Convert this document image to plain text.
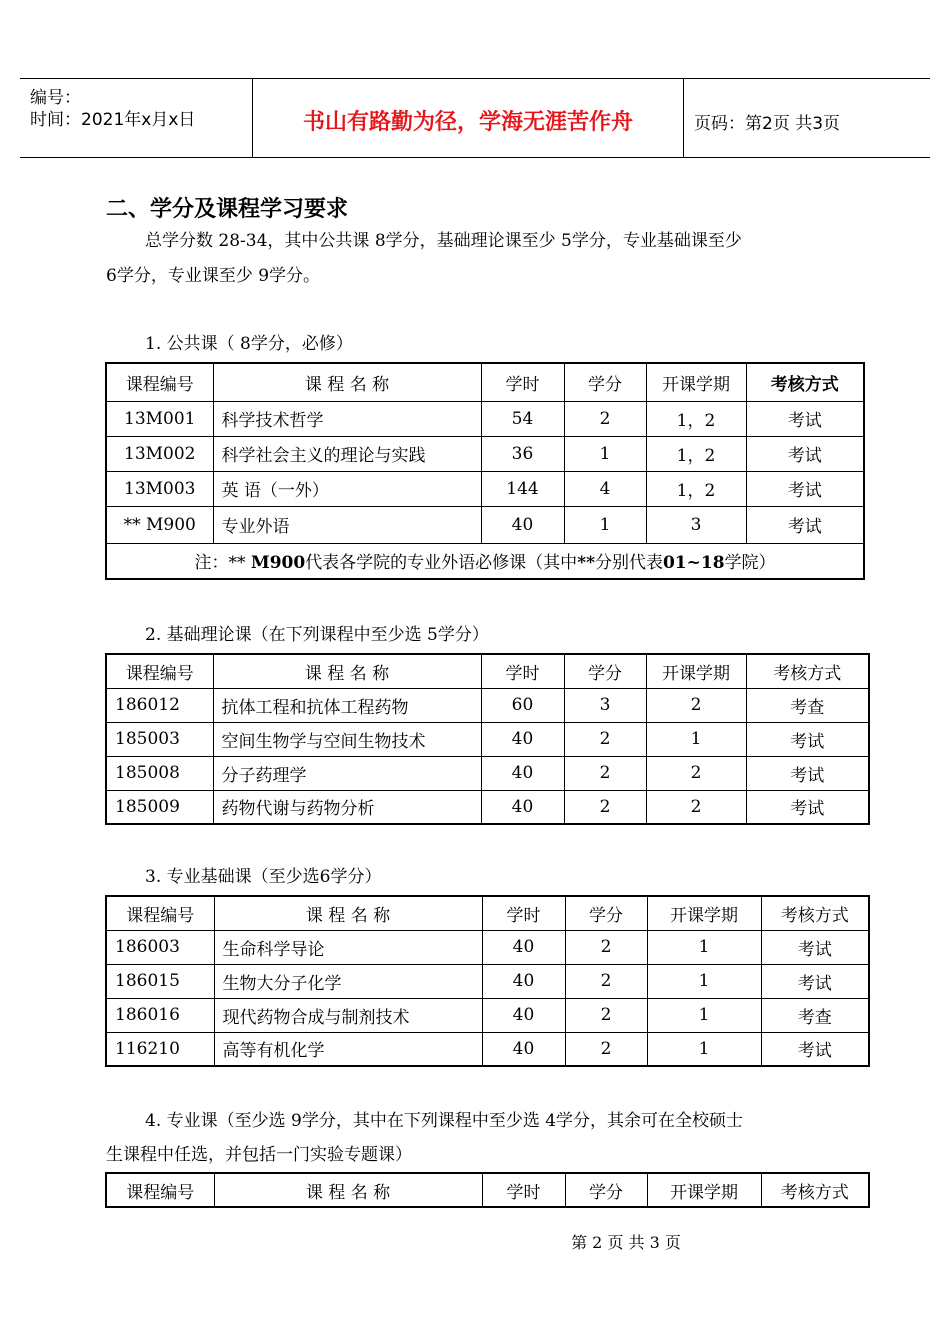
编号：
时间：2021年x月x日	书山有路勤为径，学海无涯苦作舟	页码：第2页 共3页
二、学分及课程学习要求
总学分数 28-34，其中公共课 8学分，基础理论课至少 5学分，专业基础课至少
6学分，专业课至少 9学分。
1. 公共课（ 8学分，必修）
课程编号	课 程 名 称	学时	学分	开课学期	考核方式
13M001	科学技术哲学	54	2	1，2	考试
13M002	科学社会主义的理论与实践	36	1	1，2	考试
13M003	英 语（一外）	144	4	1，2	考试
** M900	专业外语	40	1	3	考试
注：** M900代表各学院的专业外语必修课（其中**分别代表01~18学院）					
2. 基础理论课（在下列课程中至少选 5学分）
课程编号	课 程 名 称	学时	学分	开课学期	考核方式
186012	抗体工程和抗体工程药物	60	3	2	考查
185003	空间生物学与空间生物技术	40	2	1	考试
185008	分子药理学	40	2	2	考试
185009	药物代谢与药物分析	40	2	2	考试
3. 专业基础课（至少选6学分）
课程编号	课 程 名 称	学时	学分	开课学期	考核方式
186003	生命科学导论	40	2	1	考试
186015	生物大分子化学	40	2	1	考试
186016	现代药物合成与制剂技术	40	2	1	考查
116210	高等有机化学	40	2	1	考试
4. 专业课（至少选 9学分，其中在下列课程中至少选 4学分，其余可在全校硕士
生课程中任选，并包括一门实验专题课）
课程编号	课 程 名 称	学时	学分	开课学期	考核方式
第 2 页 共 3 页
